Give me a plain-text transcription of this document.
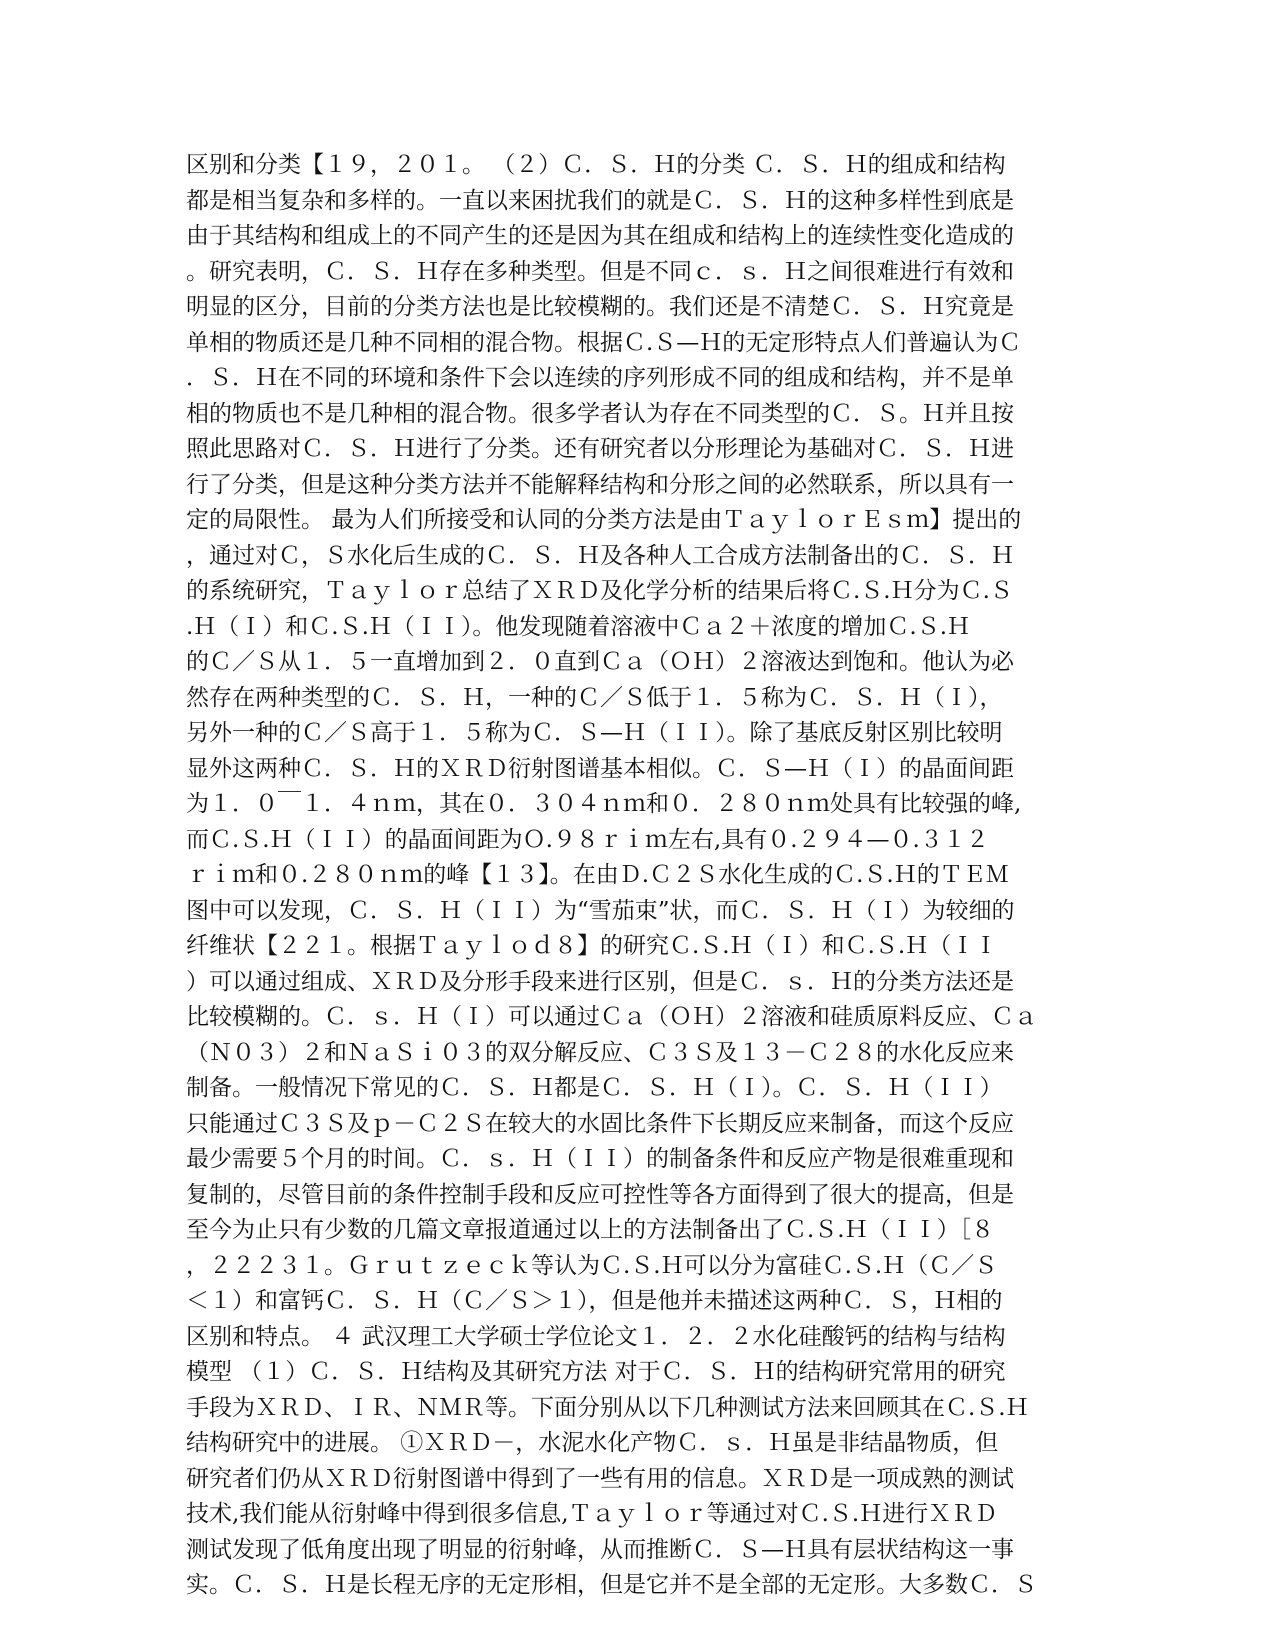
区别和分类【１９，２０１。 （２）Ｃ．Ｓ．Ｈ的分类 Ｃ．Ｓ．Ｈ的组成和结构
都是相当复杂和多样的。一直以来困扰我们的就是Ｃ．Ｓ．Ｈ的这种多样性到底是
由于其结构和组成上的不同产生的还是因为其在组成和结构上的连续性变化造成的
。研究表明，Ｃ．Ｓ．Ｈ存在多种类型。但是不同ｃ．ｓ．Ｈ之间很难进行有效和
明显的区分，目前的分类方法也是比较模糊的。我们还是不清楚Ｃ．Ｓ．Ｈ究竟是
单相的物质还是几种不同相的混合物。根据Ｃ.Ｓ—Ｈ的无定形特点人们普遍认为Ｃ
．Ｓ．Ｈ在不同的环境和条件下会以连续的序列形成不同的组成和结构，并不是单
相的物质也不是几种相的混合物。很多学者认为存在不同类型的Ｃ．Ｓ。Ｈ并且按
照此思路对Ｃ．Ｓ．Ｈ进行了分类。还有研究者以分形理论为基础对Ｃ．Ｓ．Ｈ进
行了分类，但是这种分类方法并不能解释结构和分形之间的必然联系，所以具有一
定的局限性。 最为人们所接受和认同的分类方法是由ＴａｙｌｏｒＥｓｍ】提出的
，通过对Ｃ，Ｓ水化后生成的Ｃ．Ｓ．Ｈ及各种人工合成方法制备出的Ｃ．Ｓ．Ｈ
的系统研究，Ｔａｙｌｏｒ总结了ＸＲＤ及化学分析的结果后将Ｃ.Ｓ.Ｈ分为Ｃ.Ｓ
.Ｈ（Ｉ）和Ｃ.Ｓ.Ｈ（ＩＩ）。他发现随着溶液中Ｃａ２＋浓度的增加Ｃ.Ｓ.Ｈ
的Ｃ／Ｓ从１．５一直增加到２．０直到Ｃａ（ＯＨ）２溶液达到饱和。他认为必
然存在两种类型的Ｃ．Ｓ．Ｈ，一种的Ｃ／Ｓ低于１．５称为Ｃ．Ｓ．Ｈ（Ｉ），
另外一种的Ｃ／Ｓ高于１．５称为Ｃ．Ｓ—Ｈ（ＩＩ）。除了基底反射区别比较明
显外这两种Ｃ．Ｓ．Ｈ的ＸＲＤ衍射图谱基本相似。Ｃ．Ｓ—Ｈ（Ｉ）的晶面间距
为１．０￣１．４ｎｍ，其在０．３０４ｎｍ和０．２８０ｎｍ处具有比较强的峰,
而Ｃ.Ｓ.Ｈ（ＩＩ）的晶面间距为Ｏ.９８ｒｉｍ左右,具有０.２９４—０.３１２
ｒｉｍ和０.２８０ｎｍ的峰【１３】。在由Ｄ.Ｃ２Ｓ水化生成的Ｃ.Ｓ.Ｈ的ＴＥＭ
图中可以发现，Ｃ．Ｓ．Ｈ（ＩＩ）为“雪茄束”状，而Ｃ．Ｓ．Ｈ（Ｉ）为较细的
纤维状【２２１。根据Ｔａｙｌｏｄ８】的研究Ｃ.Ｓ.Ｈ（Ｉ）和Ｃ.Ｓ.Ｈ（ＩＩ
）可以通过组成、ＸＲＤ及分形手段来进行区别，但是Ｃ．ｓ．Ｈ的分类方法还是
比较模糊的。Ｃ．ｓ．Ｈ（Ｉ）可以通过Ｃａ（ＯＨ）２溶液和硅质原料反应、Ｃａ
（Ｎ０３）２和ＮａＳｉ０３的双分解反应、Ｃ３Ｓ及１３－Ｃ２８的水化反应来
制备。一般情况下常见的Ｃ．Ｓ．Ｈ都是Ｃ．Ｓ．Ｈ（Ｉ）。Ｃ．Ｓ．Ｈ（ＩＩ）
只能通过Ｃ３Ｓ及ｐ－Ｃ２Ｓ在较大的水固比条件下长期反应来制备，而这个反应
最少需要５个月的时间。Ｃ．ｓ．Ｈ（ＩＩ）的制备条件和反应产物是很难重现和
复制的，尽管目前的条件控制手段和反应可控性等各方面得到了很大的提高，但是
至今为止只有少数的几篇文章报道通过以上的方法制备出了Ｃ.Ｓ.Ｈ（ＩＩ）［８
，２２２３１。Ｇｒｕｔｚｅｃｋ等认为Ｃ.Ｓ.Ｈ可以分为富硅Ｃ.Ｓ.Ｈ（Ｃ／Ｓ
＜１）和富钙Ｃ．Ｓ．Ｈ（Ｃ／Ｓ＞１），但是他并未描述这两种Ｃ．Ｓ，Ｈ相的
区别和特点。 ４ 武汉理工大学硕士学位论文１．２．２水化硅酸钙的结构与结构
模型 （１）Ｃ．Ｓ．Ｈ结构及其研究方法 对于Ｃ．Ｓ．Ｈ的结构研究常用的研究
手段为ＸＲＤ、ＩＲ、ＮＭＲ等。下面分别从以下几种测试方法来回顾其在Ｃ.Ｓ.Ｈ
结构研究中的进展。 ①ＸＲＤ－，水泥水化产物Ｃ．ｓ．Ｈ虽是非结晶物质，但
研究者们仍从ＸＲＤ衍射图谱中得到了一些有用的信息。ＸＲＤ是一项成熟的测试
技术,我们能从衍射峰中得到很多信息,Ｔａｙｌｏｒ等通过对Ｃ.Ｓ.Ｈ进行ＸＲＤ
测试发现了低角度出现了明显的衍射峰，从而推断Ｃ．Ｓ—Ｈ具有层状结构这一事
实。Ｃ．Ｓ．Ｈ是长程无序的无定形相，但是它并不是全部的无定形。大多数Ｃ．Ｓ
